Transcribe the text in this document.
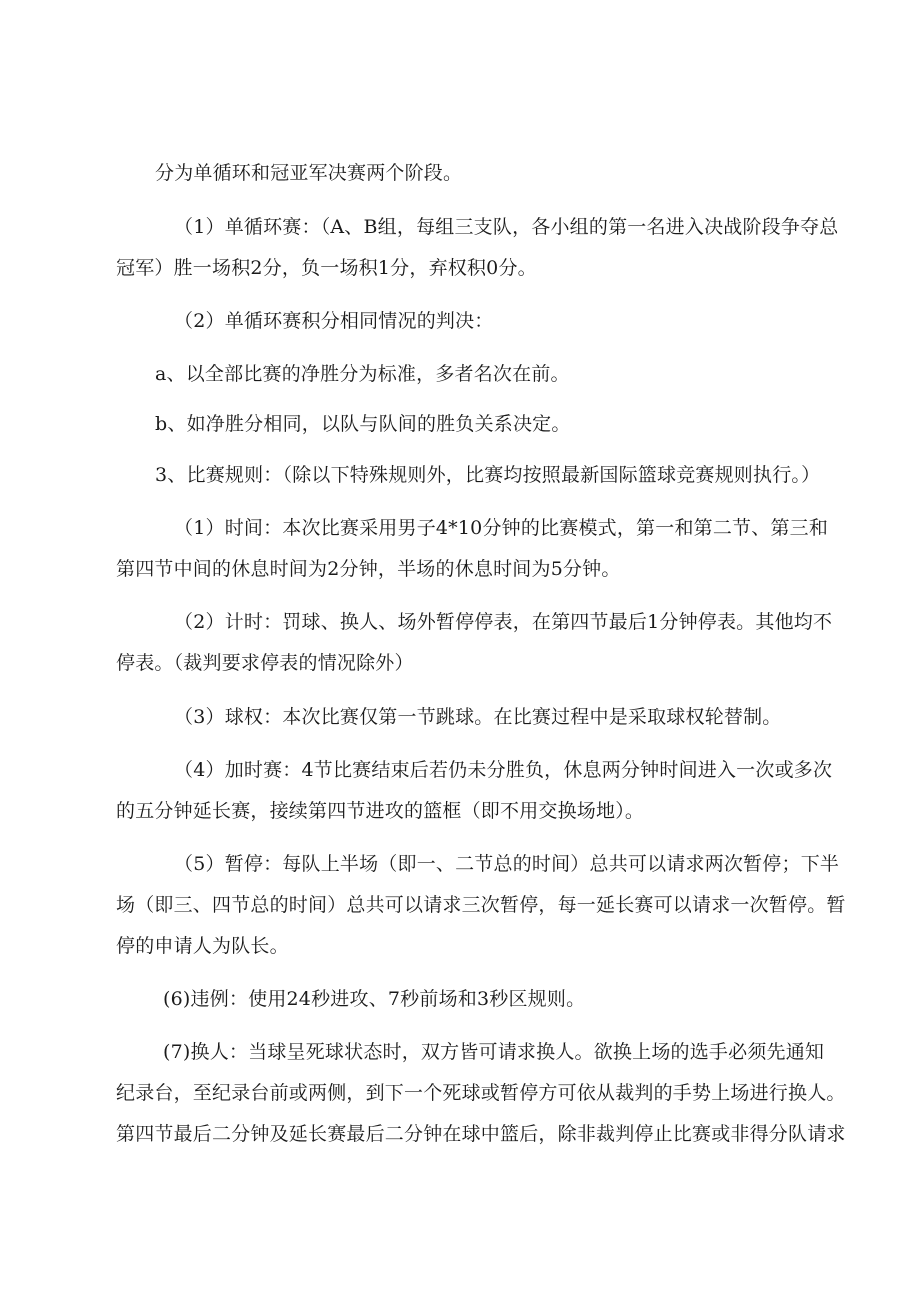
分为单循环和冠亚军决赛两个阶段。
（1）单循环赛：（A、B组，每组三支队，各小组的第一名进入决战阶段争夺总
冠军）胜一场积2分，负一场积1分，弃权积0分。
（2）单循环赛积分相同情况的判决：
a、以全部比赛的净胜分为标准，多者名次在前。
b、如净胜分相同，以队与队间的胜负关系决定。
3、比赛规则：（除以下特殊规则外，比赛均按照最新国际篮球竞赛规则执行。）
（1）时间：本次比赛采用男子4*10分钟的比赛模式，第一和第二节、第三和
第四节中间的休息时间为2分钟，半场的休息时间为5分钟。
（2）计时：罚球、换人、场外暂停停表，在第四节最后1分钟停表。其他均不
停表。（裁判要求停表的情况除外）
（3）球权：本次比赛仅第一节跳球。在比赛过程中是采取球权轮替制。
（4）加时赛：4节比赛结束后若仍未分胜负，休息两分钟时间进入一次或多次
的五分钟延长赛，接续第四节进攻的篮框（即不用交换场地）。
（5）暂停：每队上半场（即一、二节总的时间）总共可以请求两次暂停；下半
场（即三、四节总的时间）总共可以请求三次暂停，每一延长赛可以请求一次暂停。暂
停的申请人为队长。
(6)违例：使用24秒进攻、7秒前场和3秒区规则。
(7)换人：当球呈死球状态时，双方皆可请求换人。欲换上场的选手必须先通知
纪录台，至纪录台前或两侧，到下一个死球或暂停方可依从裁判的手势上场进行换人。
第四节最后二分钟及延长赛最后二分钟在球中篮后，除非裁判停止比赛或非得分队请求
